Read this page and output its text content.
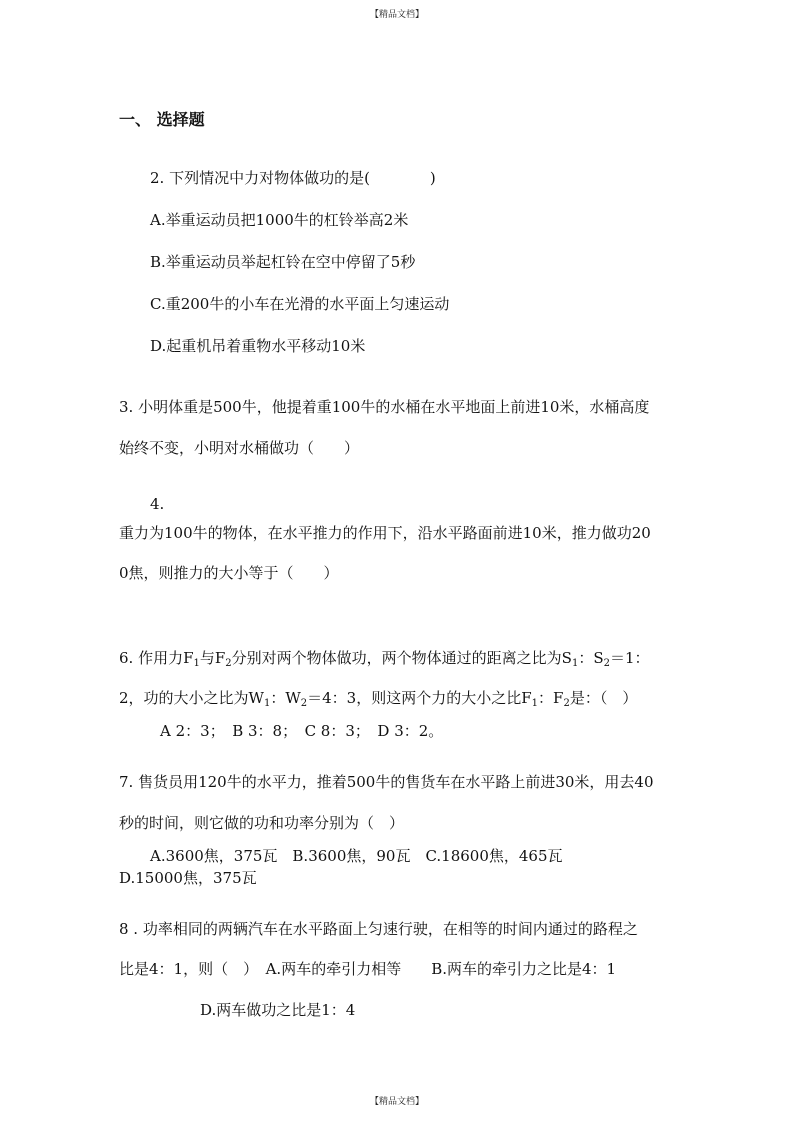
【精品文档】
一、 选择题
2. 下列情况中力对物体做功的是(　　　　)
A.举重运动员把1000牛的杠铃举高2米
B.举重运动员举起杠铃在空中停留了5秒
C.重200牛的小车在光滑的水平面上匀速运动
D.起重机吊着重物水平移动10米
3. 小明体重是500牛，他提着重100牛的水桶在水平地面上前进10米，水桶高度
始终不变，小明对水桶做功（　　）
4.
重力为100牛的物体，在水平推力的作用下，沿水平路面前进10米，推力做功20
0焦，则推力的大小等于（　　）
6. 作用力$F_1$与$F_2$分别对两个物体做功，两个物体通过的距离之比为$S_1$：$S_2=1$：
2，功的大小之比为$W_1$：$W_2=4$：3，则这两个力的大小之比$F_1$：$F_2$是：（　）
A 2：3；　B 3：8；　C 8：3；　D 3：2。
7. 售货员用120牛的水平力，推着500牛的售货车在水平路上前进30米，用去40
秒的时间，则它做的功和功率分别为（　）
A.3600焦，375瓦　B.3600焦，90瓦　C.18600焦，465瓦
D.15000焦，375瓦
8 . 功率相同的两辆汽车在水平路面上匀速行驶，在相等的时间内通过的路程之
比是4：1，则（　）　A.两车的牵引力相等　　B.两车的牵引力之比是4：1
D.两车做功之比是1：4
【精品文档】
